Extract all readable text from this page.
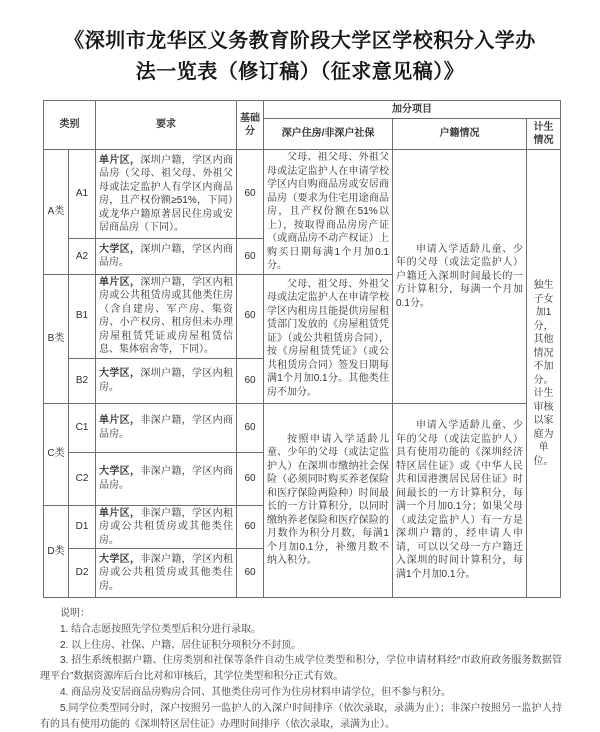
《深圳市龙华区义务教育阶段大学区学校积分入学办
法一览表（修订稿）（征求意见稿）》
类别		要求	基础分	加分项目		
				深户住房/非深户社保	户籍情况	计生情况
A类	A1	单片区，深圳户籍，学区内商品房（父母、祖父母、外祖父母或法定监护人有学区内商品房，且产权份额≥51%，下同）或龙华户籍原著居民住房或安居商品房（下同）。	60	父母、祖父母、外祖父母或法定监护人在申请学校学区内自购商品房或安居商品房（要求为住宅用途商品房，且产权份额在51%以上），按取得商品房房产证（或商品房不动产权证）上购买日期每满1个月加0.1分。	申请入学适龄儿童、少年的父母（或法定监护人）户籍迁入深圳时间最长的一方计算积分，每满一个月加0.1分。	独生子女加1分，其他情况不加分。计生审核以家庭为单位。
	A2	大学区，深圳户籍，学区内商品房。	60			
B类	B1	单片区，深圳户籍，学区内租房或公共租赁房或其他类住房（含自建房、军产房、集资房、小产权房、租房但未办理房屋租赁凭证或房屋租赁信息、集体宿舍等，下同）。	60	父母、祖父母、外祖父母或法定监护人在申请学校学区内租房且能提供房屋租赁部门发放的《房屋租赁凭证》（或公共租赁房合同），按《房屋租赁凭证》（或公共租赁房合同）签发日期每满1个月加0.1分。其他类住房不加分。		
	B2	大学区，深圳户籍，学区内租房。	60			
C类	C1	单片区，非深户籍，学区内商品房。	60	按照申请入学适龄儿童、少年的父母（或法定监护人）在深圳市缴纳社会保险（必须同时购买养老保险和医疗保险两险种）时间最长的一方计算积分，以同时缴纳养老保险和医疗保险的月数作为积分月数，每满1个月加0.1分，补缴月数不纳入积分。	申请入学适龄儿童、少年的父母（或法定监护人）具有使用功能的《深圳经济特区居住证》或《中华人民共和国港澳居民居住证》时间最长的一方计算积分，每满一个月加0.1分；如果父母（或法定监护人）有一方是深圳户籍的，经申请人申请，可以以父母一方户籍迁入深圳的时间计算积分，每满1个月加0.1分。	
	C2	大学区，非深户籍，学区内商品房。	60			
D类	D1	单片区，非深户籍，学区内租房或公共租赁房或其他类住房。	60			
	D2	大学区，非深户籍，学区内租房或公共租赁房或其他类住房。	60			
说明：

1. 结合志愿按照先学位类型后积分进行录取。

2. 以上住房、社保、户籍、居住证积分项积分不封顶。

3. 招生系统根据户籍、住房类别和社保等条件自动生成学位类型和积分，学位申请材料经“市政府政务服务数据管理平台”数据资源库后台比对和审核后，其学位类型和积分正式有效。

4. 商品房及安居商品房购房合同、其他类住房可作为住房材料申请学位，但不参与积分。

5.同学位类型同分时，深户按照另一监护人的入深户时间排序（依次录取，录满为止）；非深户按照另一监护人持有的具有使用功能的《深圳特区居住证》办理时间排序（依次录取，录满为止）。
